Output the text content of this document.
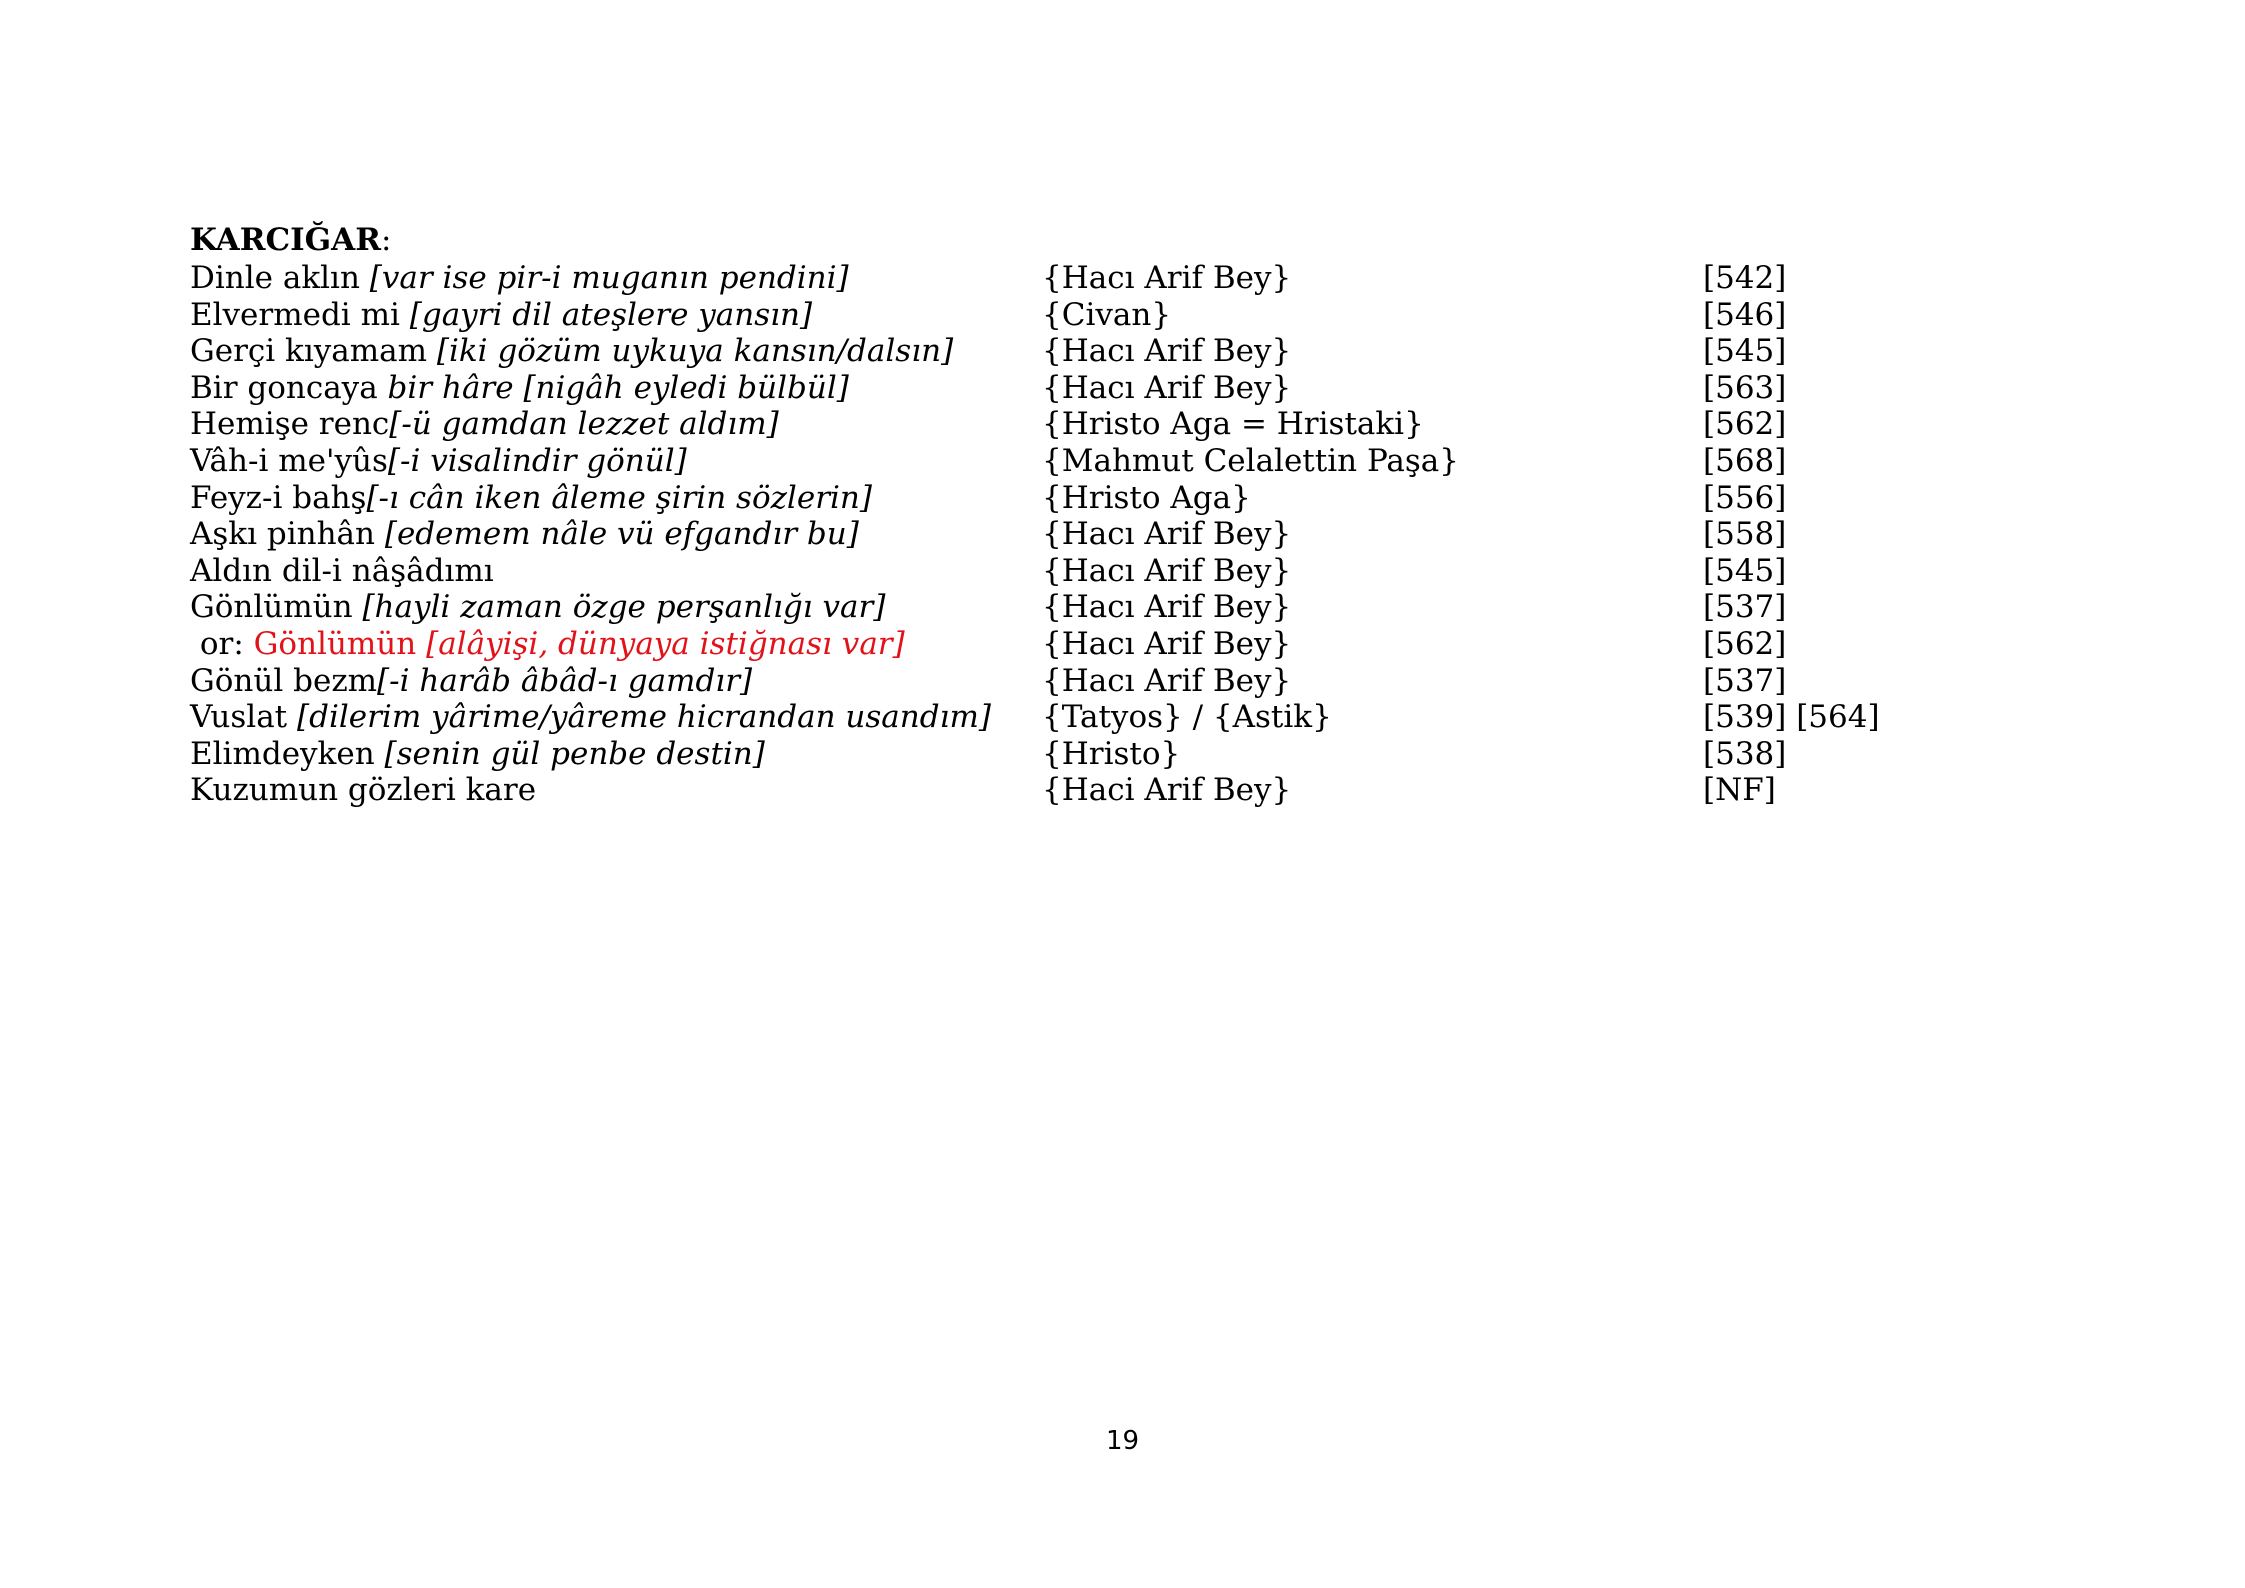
KARCIĞAR:
Dinle aklın [var ise pir-i muganın pendini]	{Hacı Arif Bey}	[542]
Elvermedi mi [gayri dil ateşlere yansın]	{Civan}	[546]
Gerçi kıyamam [iki gözüm uykuya kansın/dalsın]	{Hacı Arif Bey}	[545]
Bir goncaya bir hâre [nigâh eyledi bülbül]	{Hacı Arif Bey}	[563]
Hemişe renc[-ü gamdan lezzet aldım]	{Hristo Aga = Hristaki}	[562]
Vâh-i me'yûs[-i visalindir gönül]	{Mahmut Celalettin Paşa}	[568]
Feyz-i bahş[-ı cân iken âleme şirin sözlerin]	{Hristo Aga}	[556]
Aşkı pinhân [edemem nâle vü efgandır bu]	{Hacı Arif Bey}	[558]
Aldın dil-i nâşâdımı	{Hacı Arif Bey}	[545]
Gönlümün [hayli zaman özge perşanlığı var]	{Hacı Arif Bey}	[537]
or: Gönlümün [alâyişi, dünyaya istiğnası var]	{Hacı Arif Bey}	[562]
Gönül bezm[-i harâb âbâd-ı gamdır]	{Hacı Arif Bey}	[537]
Vuslat [dilerim yârime/yâreme hicrandan usandım] {Tatyos} / {Astik}	[539] [564]
Elimdeyken [senin gül penbe destin]	{Hristo}	[538]
Kuzumun gözleri kare	{Haci Arif Bey}	[NF]
19
